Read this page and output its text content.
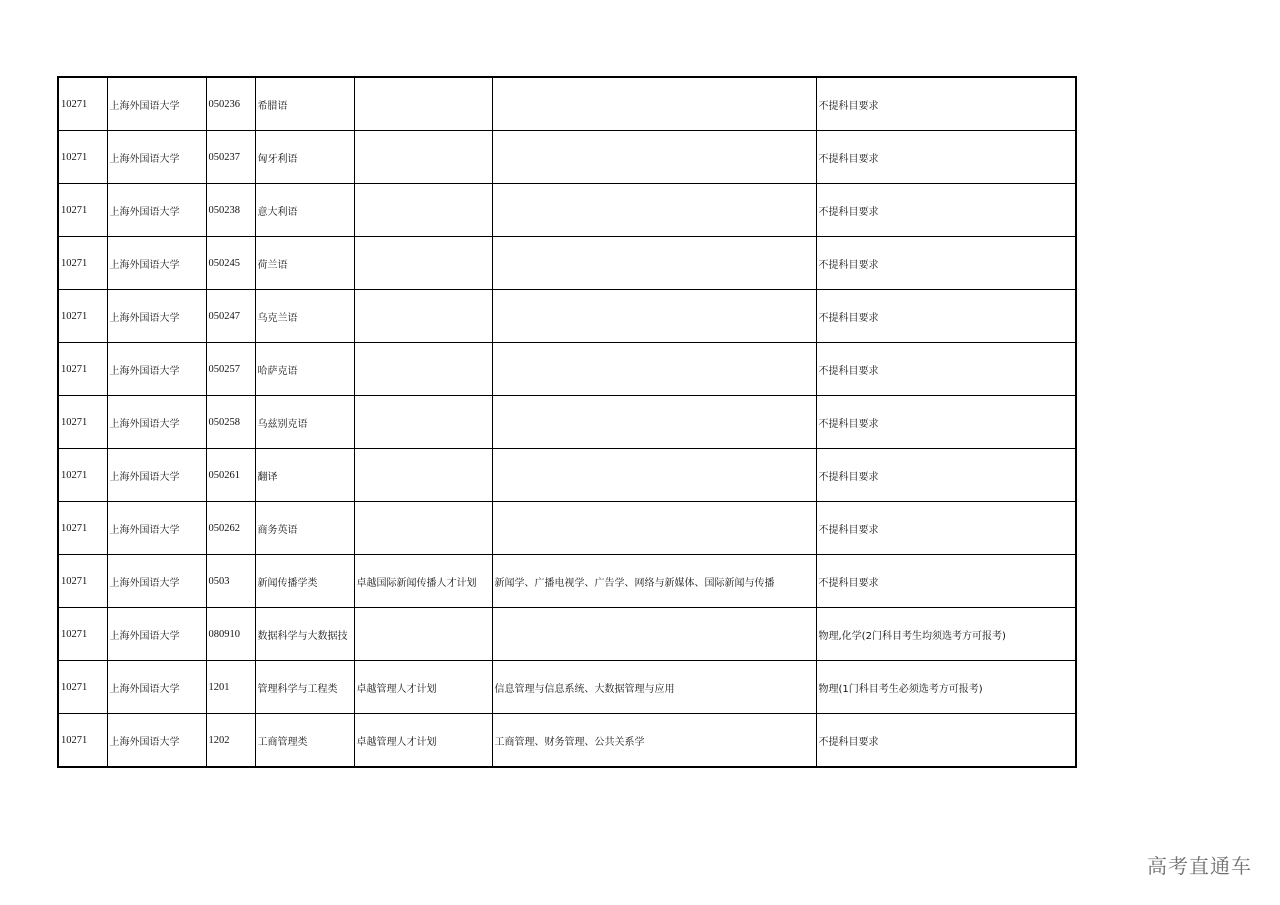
10271	上海外国语大学	050236	希腊语			不提科目要求
10271	上海外国语大学	050237	匈牙利语			不提科目要求
10271	上海外国语大学	050238	意大利语			不提科目要求
10271	上海外国语大学	050245	荷兰语			不提科目要求
10271	上海外国语大学	050247	乌克兰语			不提科目要求
10271	上海外国语大学	050257	哈萨克语			不提科目要求
10271	上海外国语大学	050258	乌兹别克语			不提科目要求
10271	上海外国语大学	050261	翻译			不提科目要求
10271	上海外国语大学	050262	商务英语			不提科目要求
10271	上海外国语大学	0503	新闻传播学类	卓越国际新闻传播人才计划	新闻学、广播电视学、广告学、网络与新媒体、国际新闻与传播	不提科目要求
10271	上海外国语大学	080910	数据科学与大数据技			物理,化学(2门科目考生均须选考方可报考)
10271	上海外国语大学	1201	管理科学与工程类	卓越管理人才计划	信息管理与信息系统、大数据管理与应用	物理(1门科目考生必须选考方可报考)
10271	上海外国语大学	1202	工商管理类	卓越管理人才计划	工商管理、财务管理、公共关系学	不提科目要求
高考直通车
